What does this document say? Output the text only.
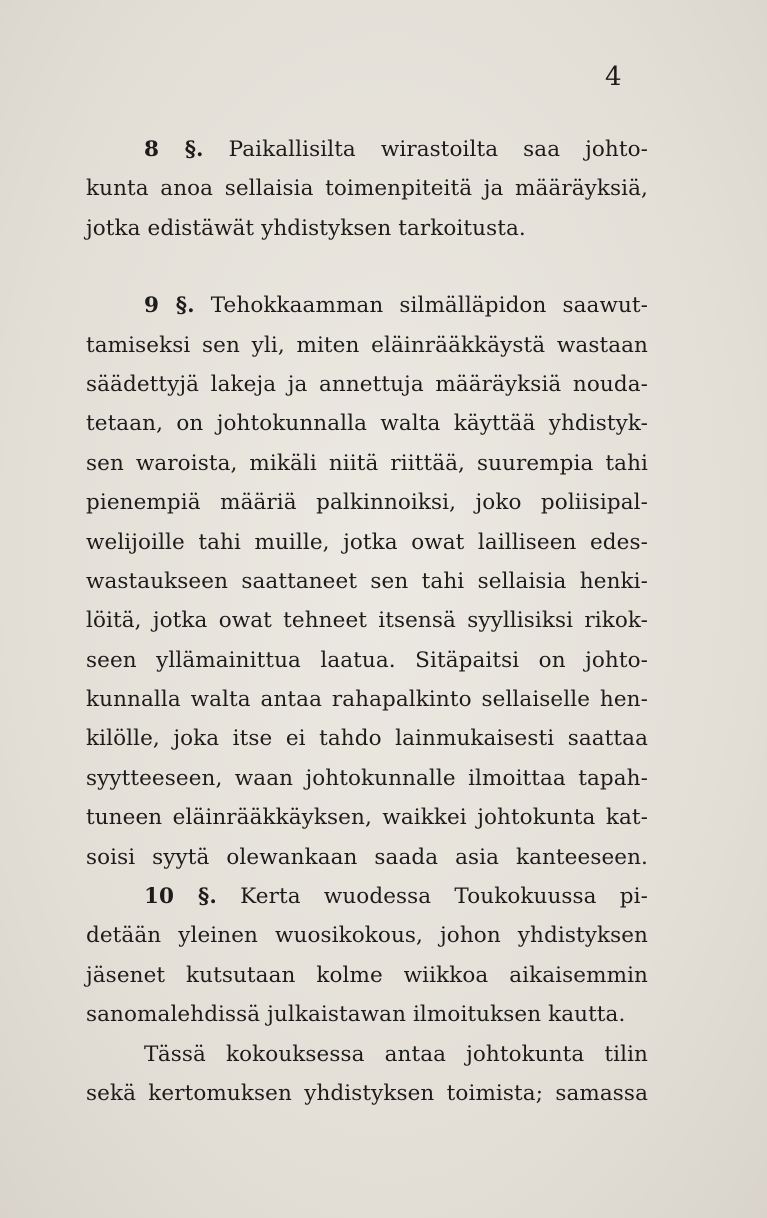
4
8 §. Paikallisilta wirastoilta saa johto-
kunta anoa sellaisia toimenpiteitä ja määräyksiä,
jotka edistäwät yhdistyksen tarkoitusta.
9 §. Tehokkaamman silmälläpidon saawut-
tamiseksi sen yli, miten eläinrääkkäystä wastaan
säädettyjä lakeja ja annettuja määräyksiä nouda-
tetaan, on johtokunnalla walta käyttää yhdistyk-
sen waroista, mikäli niitä riittää, suurempia tahi
pienempiä määriä palkinnoiksi, joko poliisipal-
welijoille tahi muille, jotka owat lailliseen edes-
wastaukseen saattaneet sen tahi sellaisia henki-
löitä, jotka owat tehneet itsensä syyllisiksi rikok-
seen yllämainittua laatua. Sitäpaitsi on johto-
kunnalla walta antaa rahapalkinto sellaiselle hen-
kilölle, joka itse ei tahdo lainmukaisesti saattaa
syytteeseen, waan johtokunnalle ilmoittaa tapah-
tuneen eläinrääkkäyksen, waikkei johtokunta kat-
soisi syytä olewankaan saada asia kanteeseen.
10 §. Kerta wuodessa Toukokuussa pi-
detään yleinen wuosikokous, johon yhdistyksen
jäsenet kutsutaan kolme wiikkoa aikaisemmin
sanomalehdissä julkaistawan ilmoituksen kautta.
Tässä kokouksessa antaa johtokunta tilin
sekä kertomuksen yhdistyksen toimista; samassa
